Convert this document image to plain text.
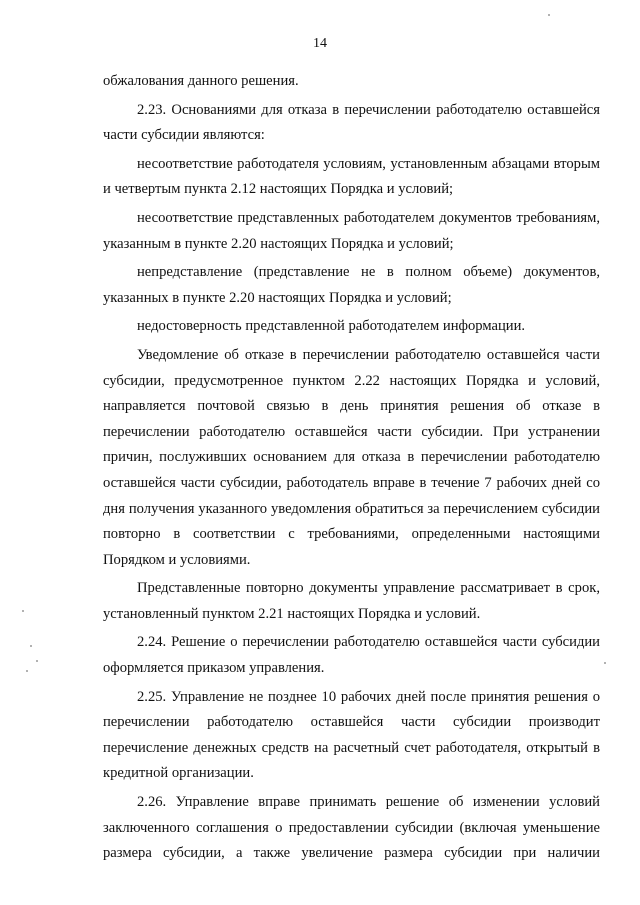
14

обжалования данного решения.

2.23. Основаниями для отказа в перечислении работодателю оставшейся части субсидии являются:

несоответствие работодателя условиям, установленным абзацами вторым и четвертым пункта 2.12 настоящих Порядка и условий;

несоответствие представленных работодателем документов требованиям, указанным в пункте 2.20 настоящих Порядка и условий;

непредставление (представление не в полном объеме) документов, указанных в пункте 2.20 настоящих Порядка и условий;

недостоверность представленной работодателем информации.

Уведомление об отказе в перечислении работодателю оставшейся части субсидии, предусмотренное пунктом 2.22 настоящих Порядка и условий, направляется почтовой связью в день принятия решения об отказе в перечислении работодателю оставшейся части субсидии. При устранении причин, послуживших основанием для отказа в перечислении работодателю оставшейся части субсидии, работодатель вправе в течение 7 рабочих дней со дня получения указанного уведомления обратиться за перечислением субсидии повторно в соответствии с требованиями, определенными настоящими Порядком и условиями.

Представленные повторно документы управление рассматривает в срок, установленный пунктом 2.21 настоящих Порядка и условий.

2.24. Решение о перечислении работодателю оставшейся части субсидии оформляется приказом управления.

2.25. Управление не позднее 10 рабочих дней после принятия решения о перечислении работодателю оставшейся части субсидии производит перечисление денежных средств на расчетный счет работодателя, открытый в кредитной организации.

2.26. Управление вправе принимать решение об изменении условий заключенного соглашения о предоставлении субсидии (включая уменьшение размера субсидии, а также увеличение размера субсидии при наличии
